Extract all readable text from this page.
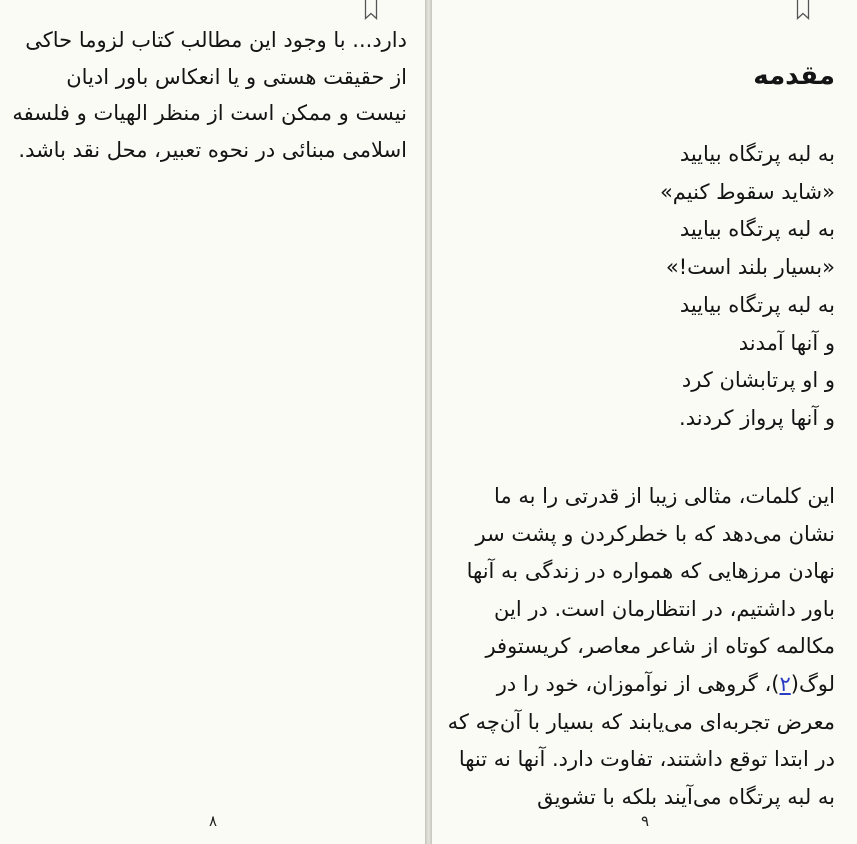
دارد... با وجود این مطالب کتاب لزوما حاکی از حقیقت هستی و یا انعکاس باور ادیان نیست و ممکن است از منظر الهیات و فلسفه اسلامی مبنائی در نحوه تعبیر، محل نقد باشد.
۸
مقدمه
به لبه پرتگاه بیایید
«شاید سقوط کنیم»
به لبه پرتگاه بیایید
«بسیار بلند است!»
به لبه پرتگاه بیایید
و آنها آمدند
و او پرتابشان کرد
و آنها پرواز کردند.
این کلمات، مثالی زیبا از قدرتی را به ما نشان می‌دهد که با خطرکردن و پشت سر نهادن مرزهایی که همواره در زندگی به آنها باور داشتیم، در انتظارمان است. در این مکالمه کوتاه از شاعر معاصر، کریستوفر لوگ(۲)، گروهی از نوآموزان، خود را در معرض تجربه‌ای می‌یابند که بسیار با آن‌چه که در ابتدا توقع داشتند، تفاوت دارد. آنها نه تنها به لبه پرتگاه می‌آیند بلکه با تشویق
۹
